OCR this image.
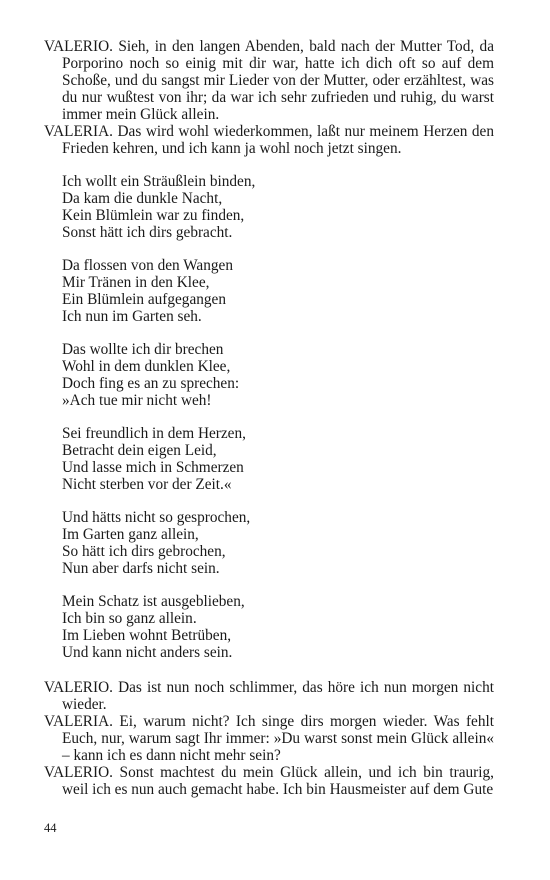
VALERIO. Sieh, in den langen Abenden, bald nach der Mutter Tod, da Porporino noch so einig mit dir war, hatte ich dich oft so auf dem Schoße, und du sangst mir Lieder von der Mutter, oder erzähltest, was du nur wußtest von ihr; da war ich sehr zufrieden und ruhig, du warst immer mein Glück allein.

VALERIA. Das wird wohl wiederkommen, laßt nur meinem Herzen den Frieden kehren, und ich kann ja wohl noch jetzt singen.

Ich wollt ein Sträußlein binden,

Da kam die dunkle Nacht,

Kein Blümlein war zu finden,

Sonst hätt ich dirs gebracht.

Da flossen von den Wangen

Mir Tränen in den Klee,

Ein Blümlein aufgegangen

Ich nun im Garten seh.

Das wollte ich dir brechen

Wohl in dem dunklen Klee,

Doch fing es an zu sprechen:

»Ach tue mir nicht weh!

Sei freundlich in dem Herzen,

Betracht dein eigen Leid,

Und lasse mich in Schmerzen

Nicht sterben vor der Zeit.«

Und hätts nicht so gesprochen,

Im Garten ganz allein,

So hätt ich dirs gebrochen,

Nun aber darfs nicht sein.

Mein Schatz ist ausgeblieben,

Ich bin so ganz allein.

Im Lieben wohnt Betrüben,

Und kann nicht anders sein.

VALERIO. Das ist nun noch schlimmer, das höre ich nun morgen nicht wieder.

VALERIA. Ei, warum nicht? Ich singe dirs morgen wieder. Was fehlt Euch, nur, warum sagt Ihr immer: »Du warst sonst mein Glück allein« – kann ich es dann nicht mehr sein?

VALERIO. Sonst machtest du mein Glück allein, und ich bin traurig, weil ich es nun auch gemacht habe. Ich bin Hausmeister auf dem Gute

44
